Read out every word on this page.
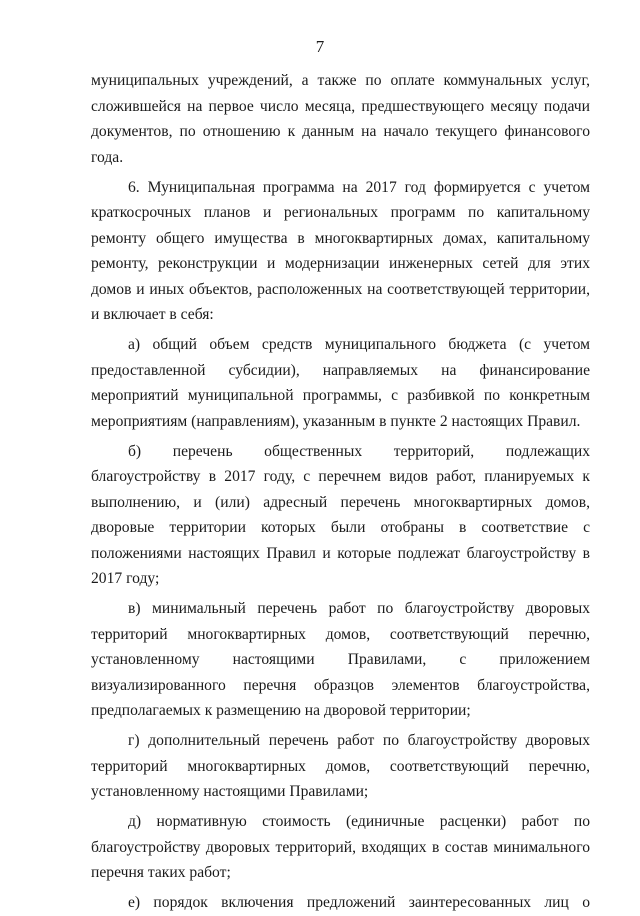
7

муниципальных учреждений, а также по оплате коммунальных услуг, сложившейся на первое число месяца, предшествующего месяцу подачи документов, по отношению к данным на начало текущего финансового года.

6. Муниципальная программа на 2017 год формируется с учетом краткосрочных планов и региональных программ по капитальному ремонту общего имущества в многоквартирных домах, капитальному ремонту, реконструкции и модернизации инженерных сетей для этих домов и иных объектов, расположенных на соответствующей территории, и включает в себя:

а) общий объем средств муниципального бюджета (с учетом предоставленной субсидии), направляемых на финансирование мероприятий муниципальной программы, с разбивкой по конкретным мероприятиям (направлениям), указанным в пункте 2 настоящих Правил.

б) перечень общественных территорий, подлежащих благоустройству в 2017 году, с перечнем видов работ, планируемых к выполнению, и (или) адресный перечень многоквартирных домов, дворовые территории которых были отобраны в соответствие с положениями настоящих Правил и которые подлежат благоустройству в 2017 году;

в) минимальный перечень работ по благоустройству дворовых территорий многоквартирных домов, соответствующий перечню, установленному настоящими Правилами, с приложением визуализированного перечня образцов элементов благоустройства, предполагаемых к размещению на дворовой территории;

г) дополнительный перечень работ по благоустройству дворовых территорий многоквартирных домов, соответствующий перечню, установленному настоящими Правилами;

д) нормативную стоимость (единичные расценки) работ по благоустройству дворовых территорий, входящих в состав минимального перечня таких работ;

е) порядок включения предложений заинтересованных лиц о
